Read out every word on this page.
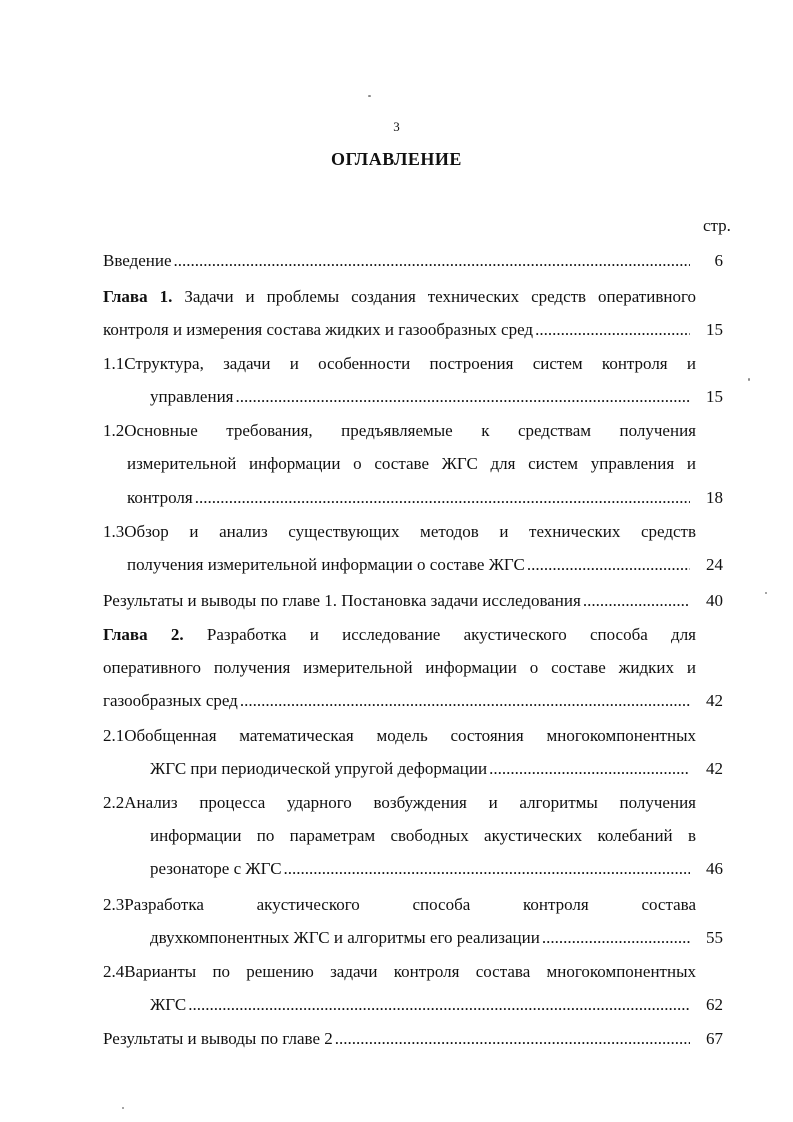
3
ОГЛАВЛЕНИЕ
стр.
Введение .....	6
Глава 1. Задачи и проблемы создания технических средств оперативного
контроля и измерения состава жидких и газообразных сред .....	15
1.1Структура, задачи и особенности построения систем контроля и
управления .....	15
1.2Основные требования, предъявляемые к средствам получения
измерительной информации о составе ЖГС для систем управления и
контроля .....	18
1.3Обзор и анализ существующих методов и технических средств
получения измерительной информации о составе ЖГС .....	24
Результаты и выводы по главе 1. Постановка задачи исследования .....	40
Глава 2. Разработка и исследование акустического способа для
оперативного получения измерительной информации о составе жидких и
газообразных сред .....	42
2.1Обобщенная математическая модель состояния многокомпонентных
ЖГС при периодической упругой деформации .....	42
2.2Анализ процесса ударного возбуждения и алгоритмы получения
информации по параметрам свободных акустических колебаний в
резонаторе с ЖГС .....	46
2.3Разработка акустического способа контроля состава
двухкомпонентных ЖГС и алгоритмы его реализации .....	55
2.4Варианты по решению задачи контроля состава многокомпонентных
ЖГС .....	62
Результаты и выводы по главе 2 .....	67
